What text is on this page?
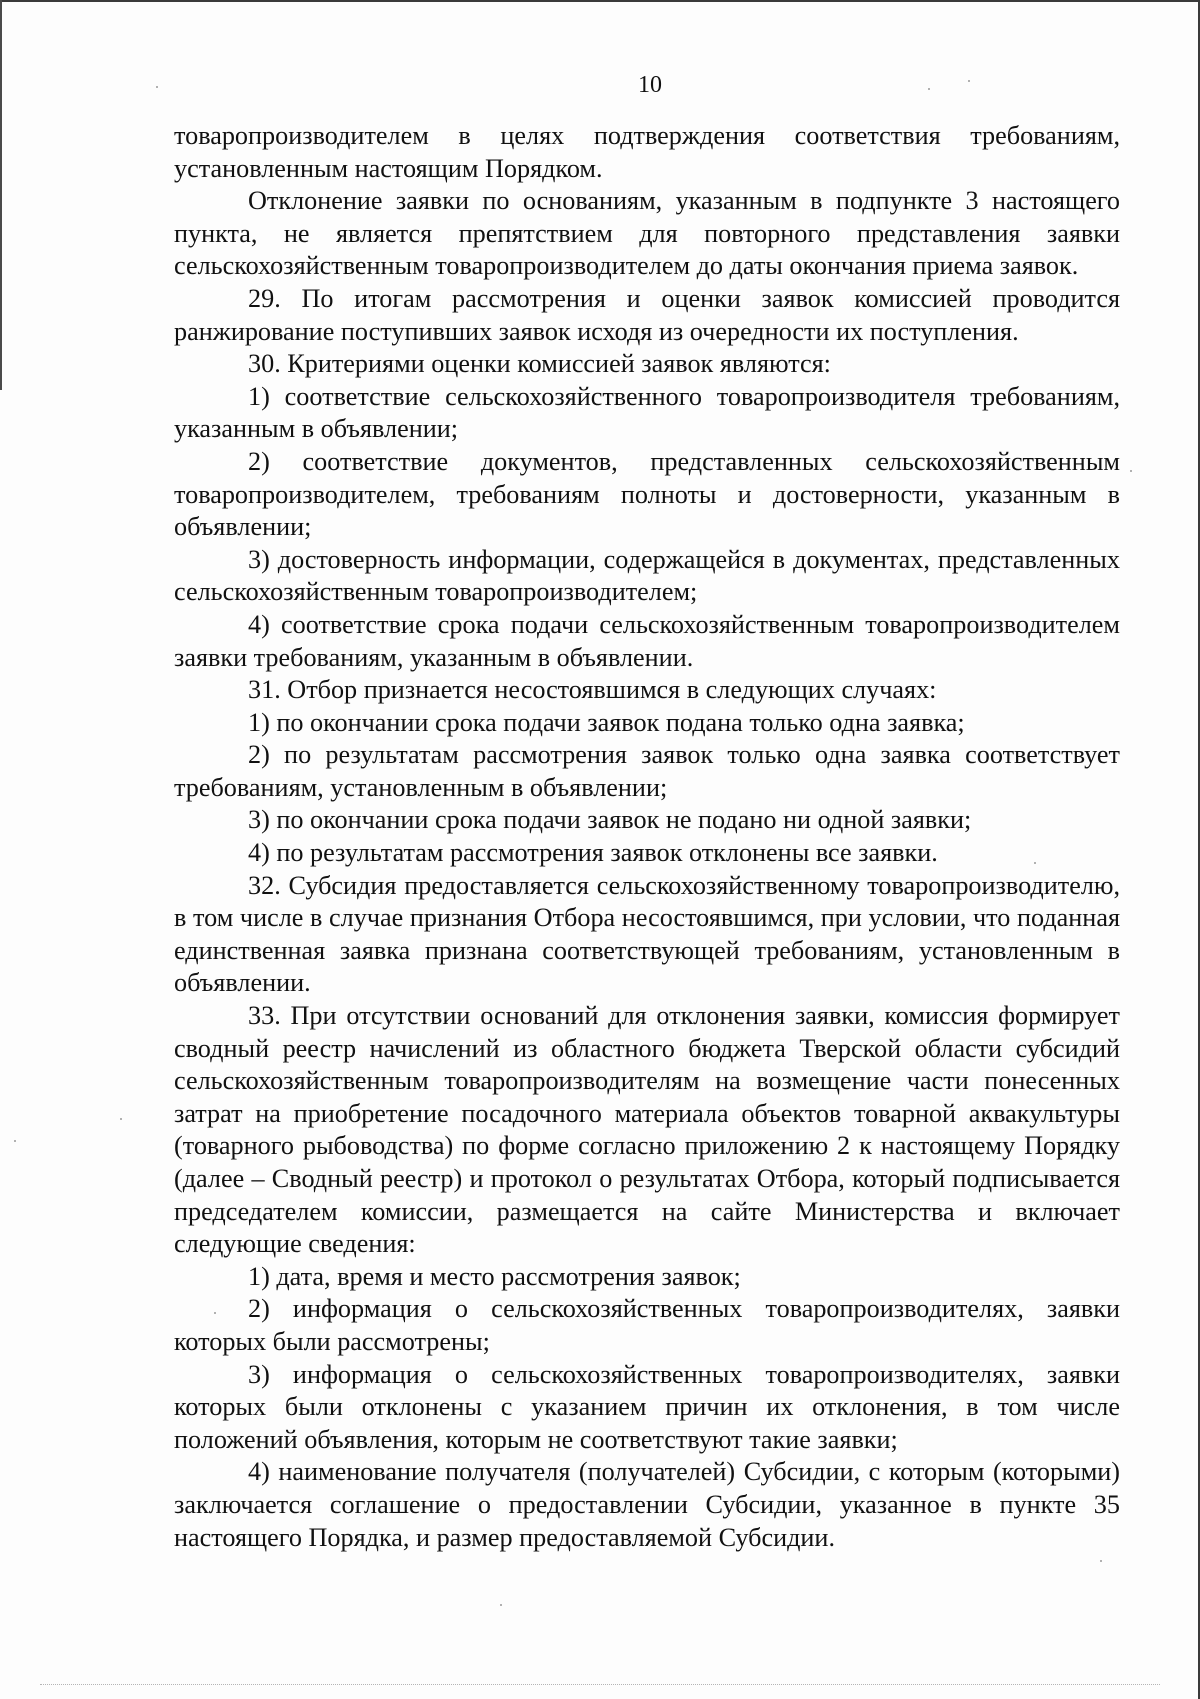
10

товаропроизводителем в целях подтверждения соответствия требованиям, установленным настоящим Порядком.

Отклонение заявки по основаниям, указанным в подпункте 3 настоящего пункта, не является препятствием для повторного представления заявки сельскохозяйственным товаропроизводителем до даты окончания приема заявок.

29. По итогам рассмотрения и оценки заявок комиссией проводится ранжирование поступивших заявок исходя из очередности их поступления.

30. Критериями оценки комиссией заявок являются:

1) соответствие сельскохозяйственного товаропроизводителя требованиям, указанным в объявлении;

2) соответствие документов, представленных сельскохозяйственным товаропроизводителем, требованиям полноты и достоверности, указанным в объявлении;

3) достоверность информации, содержащейся в документах, представленных сельскохозяйственным товаропроизводителем;

4) соответствие срока подачи сельскохозяйственным товаропроизводителем заявки требованиям, указанным в объявлении.

31. Отбор признается несостоявшимся в следующих случаях:

1) по окончании срока подачи заявок подана только одна заявка;

2) по результатам рассмотрения заявок только одна заявка соответствует требованиям, установленным в объявлении;

3) по окончании срока подачи заявок не подано ни одной заявки;

4) по результатам рассмотрения заявок отклонены все заявки.

32. Субсидия предоставляется сельскохозяйственному товаропроизводителю, в том числе в случае признания Отбора несостоявшимся, при условии, что поданная единственная заявка признана соответствующей требованиям, установленным в объявлении.

33. При отсутствии оснований для отклонения заявки, комиссия формирует сводный реестр начислений из областного бюджета Тверской области субсидий сельскохозяйственным товаропроизводителям на возмещение части понесенных затрат на приобретение посадочного материала объектов товарной аквакультуры (товарного рыбоводства) по форме согласно приложению 2 к настоящему Порядку (далее – Сводный реестр) и протокол о результатах Отбора, который подписывается председателем комиссии, размещается на сайте Министерства и включает следующие сведения:

1) дата, время и место рассмотрения заявок;

2) информация о сельскохозяйственных товаропроизводителях, заявки которых были рассмотрены;

3) информация о сельскохозяйственных товаропроизводителях, заявки которых были отклонены с указанием причин их отклонения, в том числе положений объявления, которым не соответствуют такие заявки;

4) наименование получателя (получателей) Субсидии, с которым (которыми) заключается соглашение о предоставлении Субсидии, указанное в пункте 35 настоящего Порядка, и размер предоставляемой Субсидии.
